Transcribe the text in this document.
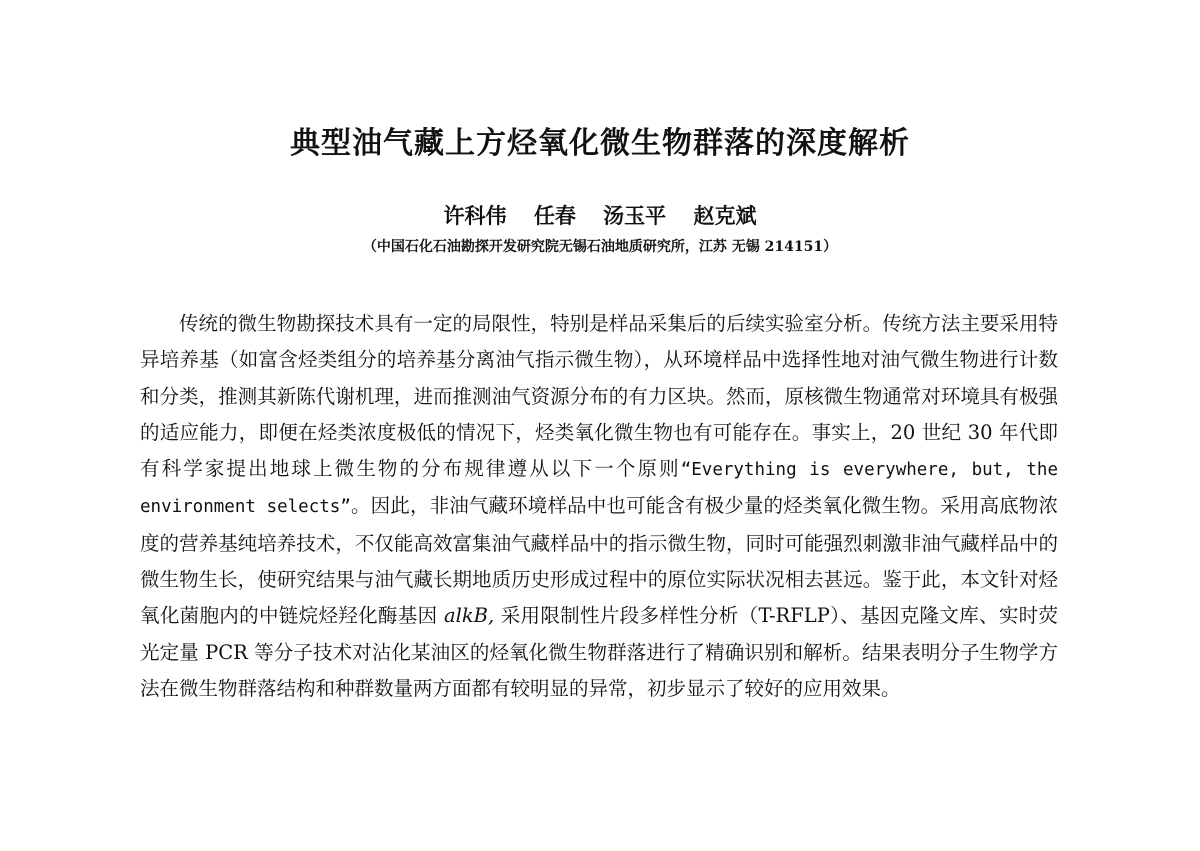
典型油气藏上方烃氧化微生物群落的深度解析
许科伟 任春 汤玉平 赵克斌
（中国石化石油勘探开发研究院无锡石油地质研究所，江苏 无锡 214151）
传统的微生物勘探技术具有一定的局限性，特别是样品采集后的后续实验室分析。传统方法主要采用特异培养基（如富含烃类组分的培养基分离油气指示微生物），从环境样品中选择性地对油气微生物进行计数和分类，推测其新陈代谢机理，进而推测油气资源分布的有力区块。然而，原核微生物通常对环境具有极强的适应能力，即便在烃类浓度极低的情况下，烃类氧化微生物也有可能存在。事实上，20 世纪 30 年代即有科学家提出地球上微生物的分布规律遵从以下一个原则“Everything is everywhere, but, the environment selects”。因此，非油气藏环境样品中也可能含有极少量的烃类氧化微生物。采用高底物浓度的营养基纯培养技术，不仅能高效富集油气藏样品中的指示微生物，同时可能强烈刺激非油气藏样品中的微生物生长，使研究结果与油气藏长期地质历史形成过程中的原位实际状况相去甚远。鉴于此，本文针对烃氧化菌胞内的中链烷烃羟化酶基因 alkB, 采用限制性片段多样性分析（T-RFLP）、基因克隆文库、实时荧光定量 PCR 等分子技术对沾化某油区的烃氧化微生物群落进行了精确识别和解析。结果表明分子生物学方法在微生物群落结构和种群数量两方面都有较明显的异常，初步显示了较好的应用效果。
